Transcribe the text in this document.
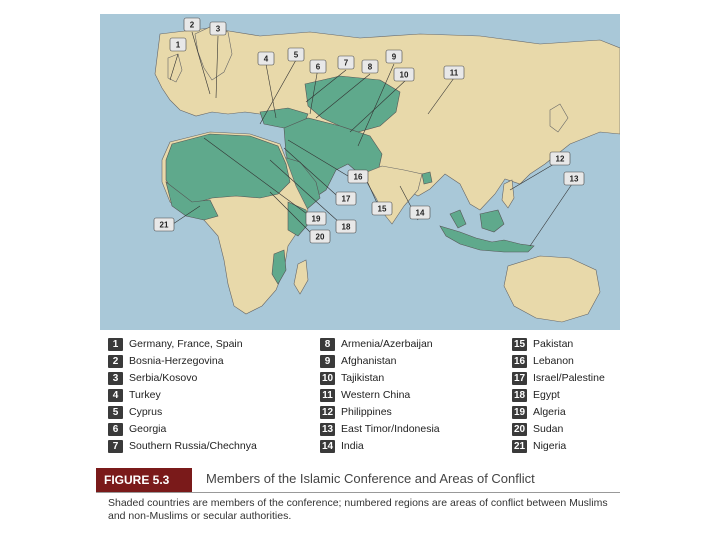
1
2	3
4	5
6	7 8
9
10	11
12
13
14
15
16
17
18
19
20
21
1	Germany, France, Spain
2	Bosnia-Herzegovina
3	Serbia/Kosovo
4	Turkey
5	Cyprus
6	Georgia
7	Southern Russia/Chechnya
8	Armenia/Azerbaijan
9	Afghanistan
10 Tajikistan
11 Western China
12 Philippines
13 East Timor/Indonesia
14 India
15 Pakistan
16 Lebanon
17 Israel/Palestine
18 Egypt
19 Algeria
20 Sudan
21 Nigeria
FIGURE 5.3	Members of the Islamic Conference and Areas of Conflict
Shaded countries are members of the conference; numbered regions are areas of conflict between Muslims and non-Muslims or secular authorities.
